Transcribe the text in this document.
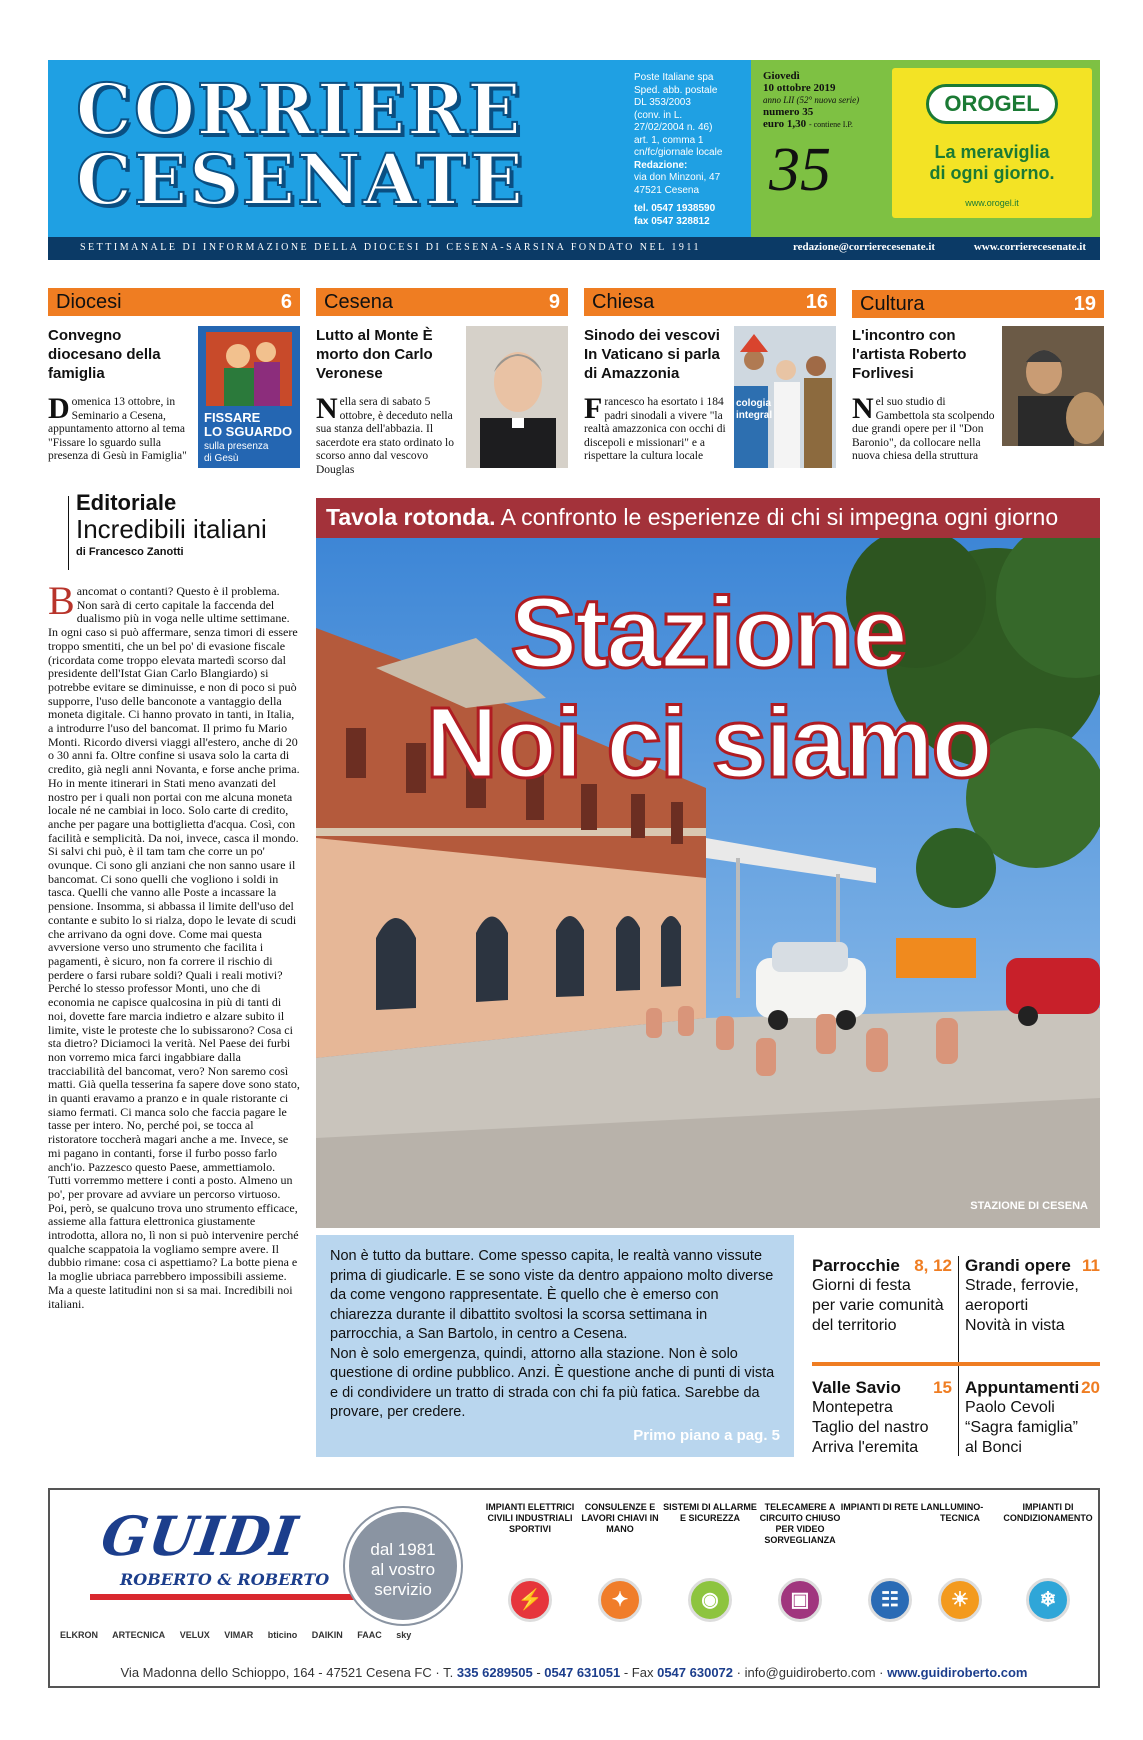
CORRIERE
CESENATE
Poste Italiane spa
Sped. abb. postale
DL 353/2003
(conv. in L.
27/02/2004 n. 46)
art. 1, comma 1
cn/fc/giornale locale
Redazione:
via don Minzoni, 47
47521 Cesena
tel. 0547 1938590
fax 0547 328812
Giovedì
10 ottobre 2019
anno LII (52° nuova serie)
numero 35
euro 1,30 - contiene I.P.
35
OROGEL
La meraviglia
di ogni giorno.
www.orogel.it
SETTIMANALE DI INFORMAZIONE DELLA DIOCESI DI CESENA-SARSINA FONDATO NEL 1911	redazione@corrierecesenate.it	www.corrierecesenate.it
Diocesi	6
Convegno diocesano della famiglia
Domenica 13 ottobre, in Seminario a Cesena, appuntamento attorno al tema "Fissare lo sguardo sulla presenza di Gesù in Famiglia"
FISSARE
LO SGUARDO
sulla presenza
di Gesù
Cesena	9
Lutto al Monte È morto don Carlo Veronese
Nella sera di sabato 5 ottobre, è deceduto nella sua stanza dell'abbazia. Il sacerdote era stato ordinato lo scorso anno dal vescovo Douglas
Chiesa	16
Sinodo dei vescovi In Vaticano si parla di Amazzonia
Francesco ha esortato i 184 padri sinodali a vivere "la realtà amazzonica con occhi di discepoli e missionari" e a rispettare la cultura locale
cologia
integral
Cultura	19
L'incontro con l'artista Roberto Forlivesi
Nel suo studio di Gambettola sta scolpendo due grandi opere per il "Don Baronio", da collocare nella nuova chiesa della struttura
Editoriale
Incredibili italiani
di Francesco Zanotti
Bancomat o contanti? Questo è il problema. Non sarà di certo capitale la faccenda del dualismo più in voga nelle ultime settimane. In ogni caso si può affermare, senza timori di essere troppo smentiti, che un bel po' di evasione fiscale (ricordata come troppo elevata martedì scorso dal presidente dell'Istat Gian Carlo Blangiardo) si potrebbe evitare se diminuisse, e non di poco si può supporre, l'uso delle banconote a vantaggio della moneta digitale. Ci hanno provato in tanti, in Italia, a introdurre l'uso del bancomat. Il primo fu Mario Monti. Ricordo diversi viaggi all'estero, anche di 20 o 30 anni fa. Oltre confine si usava solo la carta di credito, già negli anni Novanta, e forse anche prima. Ho in mente itinerari in Stati meno avanzati del nostro per i quali non portai con me alcuna moneta locale né ne cambiai in loco. Solo carte di credito, anche per pagare una bottiglietta d'acqua. Così, con facilità e semplicità. Da noi, invece, casca il mondo. Si salvi chi può, è il tam tam che corre un po' ovunque. Ci sono gli anziani che non sanno usare il bancomat. Ci sono quelli che vogliono i soldi in tasca. Quelli che vanno alle Poste a incassare la pensione. Insomma, si abbassa il limite dell'uso del contante e subito lo si rialza, dopo le levate di scudi che arrivano da ogni dove. Come mai questa avversione verso uno strumento che facilita i pagamenti, è sicuro, non fa correre il rischio di perdere o farsi rubare soldi? Quali i reali motivi? Perché lo stesso professor Monti, uno che di economia ne capisce qualcosina in più di tanti di noi, dovette fare marcia indietro e alzare subito il limite, viste le proteste che lo subissarono? Cosa ci sta dietro? Diciamoci la verità. Nel Paese dei furbi non vorremo mica farci ingabbiare dalla tracciabilità del bancomat, vero? Non saremo così matti. Già quella tesserina fa sapere dove sono stato, in quanti eravamo a pranzo e in quale ristorante ci siamo fermati. Ci manca solo che faccia pagare le tasse per intero. No, perché poi, se tocca al ristoratore toccherà magari anche a me. Invece, se mi pagano in contanti, forse il furbo posso farlo anch'io. Pazzesco questo Paese, ammettiamolo. Tutti vorremmo mettere i conti a posto. Almeno un po', per provare ad avviare un percorso virtuoso. Poi, però, se qualcuno trova uno strumento efficace, assieme alla fattura elettronica giustamente introdotta, allora no, lì non si può intervenire perché qualche scappatoia la vogliamo sempre avere. Il dubbio rimane: cosa ci aspettiamo? La botte piena e la moglie ubriaca parrebbero impossibili assieme. Ma a queste latitudini non si sa mai. Incredibili noi italiani.
Tavola rotonda. A confronto le esperienze di chi si impegna ogni giorno
Stazione
Noi ci siamo
STAZIONE DI CESENA
Non è tutto da buttare. Come spesso capita, le realtà vanno vissute prima di giudicarle. E se sono viste da dentro appaiono molto diverse da come vengono rappresentate. È quello che è emerso con chiarezza durante il dibattito svoltosi la scorsa settimana in parrocchia, a San Bartolo, in centro a Cesena.
Non è solo emergenza, quindi, attorno alla stazione. Non è solo questione di ordine pubblico. Anzi. È questione anche di punti di vista e di condividere un tratto di strada con chi fa più fatica. Sarebbe da provare, per credere.
Primo piano a pag. 5
Parrocchie 8, 12
Giorni di festa
per varie comunità
del territorio
Grandi opere 11
Strade, ferrovie,
aeroporti
Novità in vista
Valle Savio	15
Montepetra
Taglio del nastro
Arriva l'eremita
Appuntamenti 20
Paolo Cevoli
“Sagra famiglia”
al Bonci
GUIDI
ROBERTO & ROBERTO
ELKRON ARTECNICA VELUX VIMAR bticino DAIKIN FAAC sky
dal 1981
al vostro
servizio
IMPIANTI ELETTRICI CIVILI INDUSTRIALI SPORTIVI
⚡
CONSULENZE E LAVORI CHIAVI IN MANO
✦
SISTEMI DI ALLARME E SICUREZZA
◉
TELECAMERE A CIRCUITO CHIUSO PER VIDEO SORVEGLIANZA
▣
IMPIANTI DI RETE LAN
☷
ILLUMINO-TECNICA
☀
IMPIANTI DI CONDIZIONAMENTO
❄
Via Madonna dello Schioppo, 164 - 47521 Cesena FC · T. 335 6289505 - 0547 631051 - Fax 0547 630072 · info@guidiroberto.com · www.guidiroberto.com
